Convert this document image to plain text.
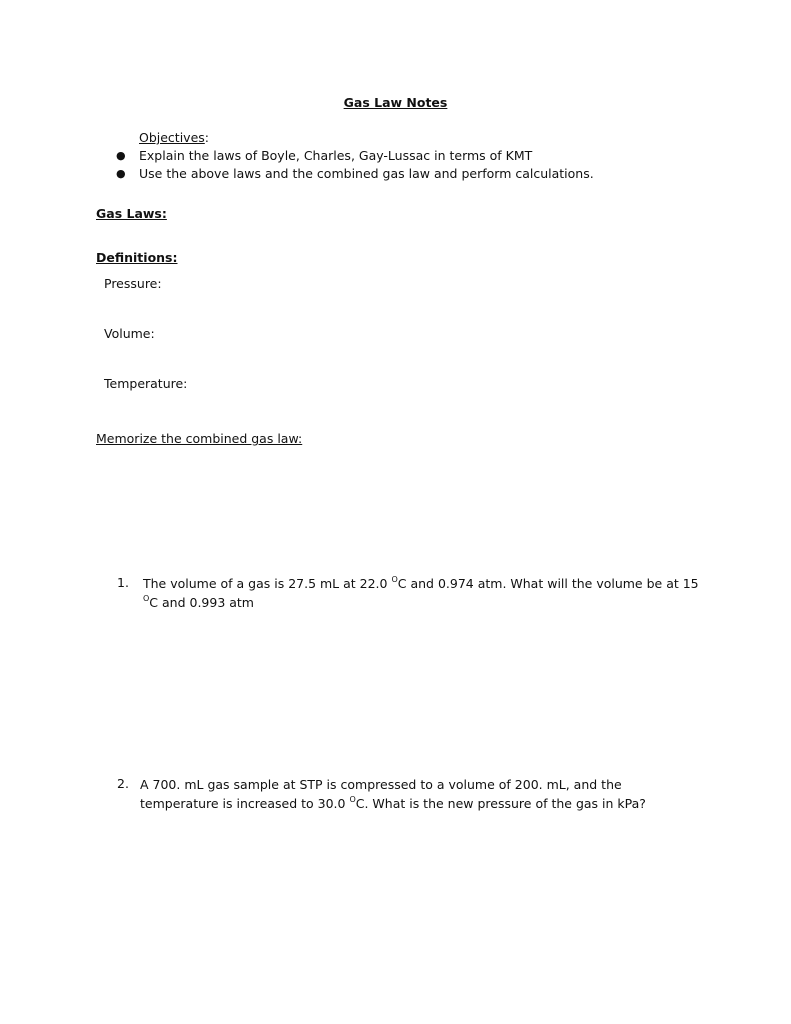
Gas Law Notes
Objectives:
● Explain the laws of Boyle, Charles, Gay-Lussac in terms of KMT
● Use the above laws and the combined gas law and perform calculations.
Gas Laws:
Definitions:
Pressure:
Volume:
Temperature:
Memorize the combined gas law:
1. The volume of a gas is 27.5 mL at 22.0 $^O$C and 0.974 atm. What will the volume be at 15 $^O$C and 0.993 atm
2. A 700. mL gas sample at STP is compressed to a volume of 200. mL, and the temperature is increased to 30.0 $^O$C. What is the new pressure of the gas in kPa?
